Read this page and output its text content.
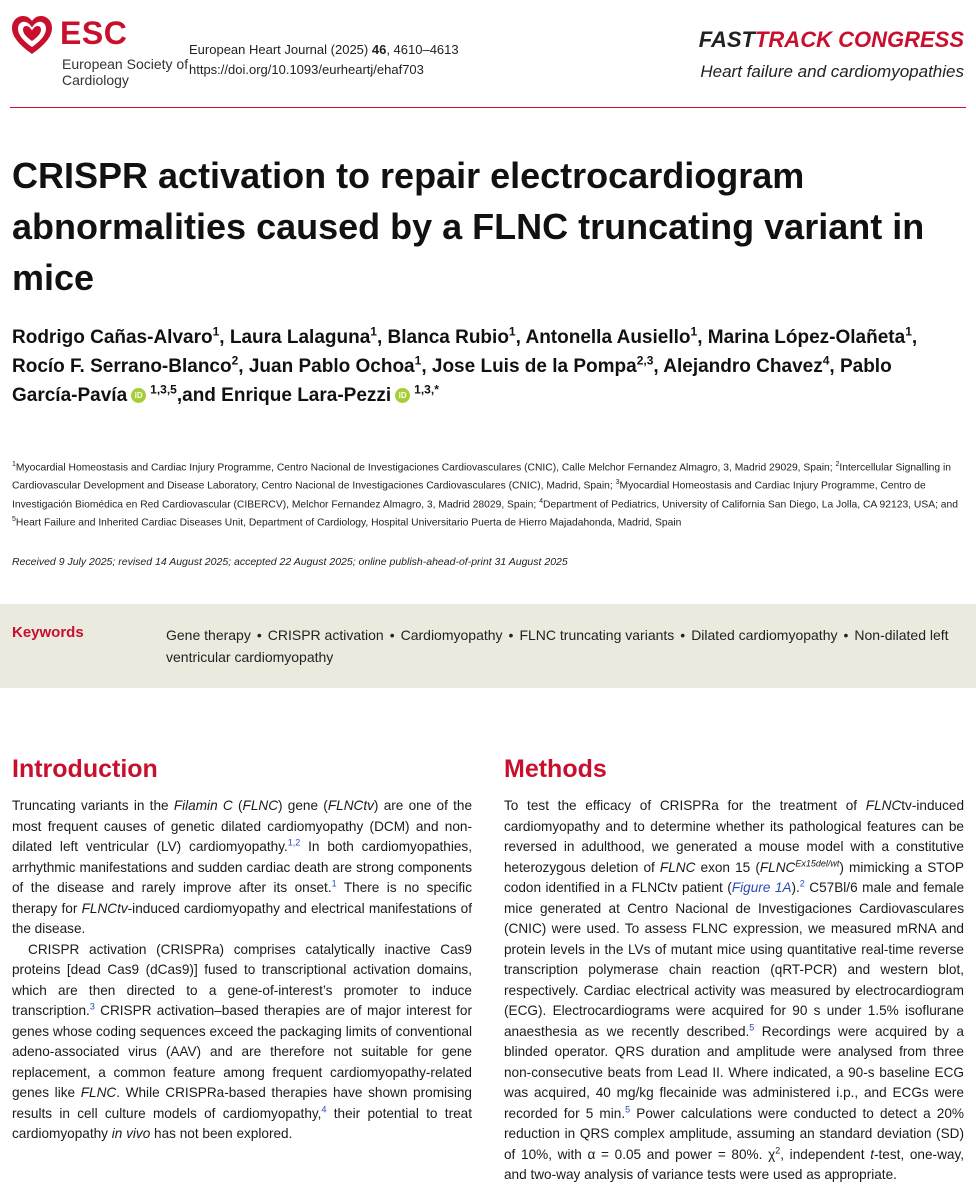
ESC
European Society of Cardiology
European Heart Journal (2025) 46, 4610–4613
https://doi.org/10.1093/eurheartj/ehaf703
FASTTRACK CONGRESS
Heart failure and cardiomyopathies
CRISPR activation to repair electrocardiogram abnormalities caused by a FLNC truncating variant in mice
Rodrigo Cañas-Alvaro$^1$, Laura Lalaguna$^1$, Blanca Rubio$^1$, Antonella Ausiello$^1$, Marina López-Olañeta$^1$, Rocío F. Serrano-Blanco$^2$, Juan Pablo Ochoa$^1$, Jose Luis de la Pompa$^{2,3}$, Alejandro Chavez$^4$, Pablo García-Pavía iD $^{1,3,5}$,and Enrique Lara-Pezzi iD $^{1,3,*}$
$^1$Myocardial Homeostasis and Cardiac Injury Programme, Centro Nacional de Investigaciones Cardiovasculares (CNIC), Calle Melchor Fernandez Almagro, 3, Madrid 29029, Spain; $^2$Intercellular Signalling in Cardiovascular Development and Disease Laboratory, Centro Nacional de Investigaciones Cardiovasculares (CNIC), Madrid, Spain; $^3$Myocardial Homeostasis and Cardiac Injury Programme, Centro de Investigación Biomédica en Red Cardiovascular (CIBERCV), Melchor Fernandez Almagro, 3, Madrid 28029, Spain; $^4$Department of Pediatrics, University of California San Diego, La Jolla, CA 92123, USA; and $^5$Heart Failure and Inherited Cardiac Diseases Unit, Department of Cardiology, Hospital Universitario Puerta de Hierro Majadahonda, Madrid, Spain
Received 9 July 2025; revised 14 August 2025; accepted 22 August 2025; online publish-ahead-of-print 31 August 2025
Keywords	Gene therapy • CRISPR activation • Cardiomyopathy • FLNC truncating variants • Dilated cardiomyopathy • Non-dilated left ventricular cardiomyopathy
Introduction

Truncating variants in the Filamin C (FLNC) gene (FLNCtv) are one of the most frequent causes of genetic dilated cardiomyopathy (DCM) and non-dilated left ventricular (LV) cardiomyopathy.$^{1,2}$ In both cardiomyopathies, arrhythmic manifestations and sudden cardiac death are strong components of the disease and rarely improve after its onset.$^1$ There is no specific therapy for FLNCtv-induced cardiomyopathy and electrical manifestations of the disease.

CRISPR activation (CRISPRa) comprises catalytically inactive Cas9 proteins [dead Cas9 (dCas9)] fused to transcriptional activation domains, which are then directed to a gene-of-interest’s promoter to induce transcription.$^3$ CRISPR activation–based therapies are of major interest for genes whose coding sequences exceed the packaging limits of conventional adeno-associated virus (AAV) and are therefore not suitable for gene replacement, a common feature among frequent cardiomyopathy-related genes like FLNC. While CRISPRa-based therapies have shown promising results in cell culture models of cardiomyopathy,$^4$ their potential to treat cardiomyopathy in vivo has not been explored.

Methods

To test the efficacy of CRISPRa for the treatment of FLNCtv-induced cardiomyopathy and to determine whether its pathological features can be reversed in adulthood, we generated a mouse model with a constitutive heterozygous deletion of FLNC exon 15 $(FLNC^{Ex15del/wt})$ mimicking a STOP codon identified in a FLNCtv patient (Figure 1A).$^2$ C57Bl/6 male and female mice generated at Centro Nacional de Investigaciones Cardiovasculares (CNIC) were used. To assess FLNC expression, we measured mRNA and protein levels in the LVs of mutant mice using quantitative real-time reverse transcription polymerase chain reaction (qRT-PCR) and western blot, respectively. Cardiac electrical activity was measured by electrocardiogram (ECG). Electrocardiograms were acquired for 90 s under 1.5% isoflurane anaesthesia as we recently described.$^5$ Recordings were acquired by a blinded operator. QRS duration and amplitude were analysed from three non-consecutive beats from Lead II. Where indicated, a 90-s baseline ECG was acquired, 40 mg/kg flecainide was administered i.p., and ECGs were recorded for 5 min.$^5$ Power calculations were conducted to detect a 20% reduction in QRS complex amplitude, assuming an standard deviation (SD) of 10%, with α = 0.05 and power = 80%. $\chi^2$, independent t-test, one-way, and two-way analysis of variance tests were used as appropriate.
